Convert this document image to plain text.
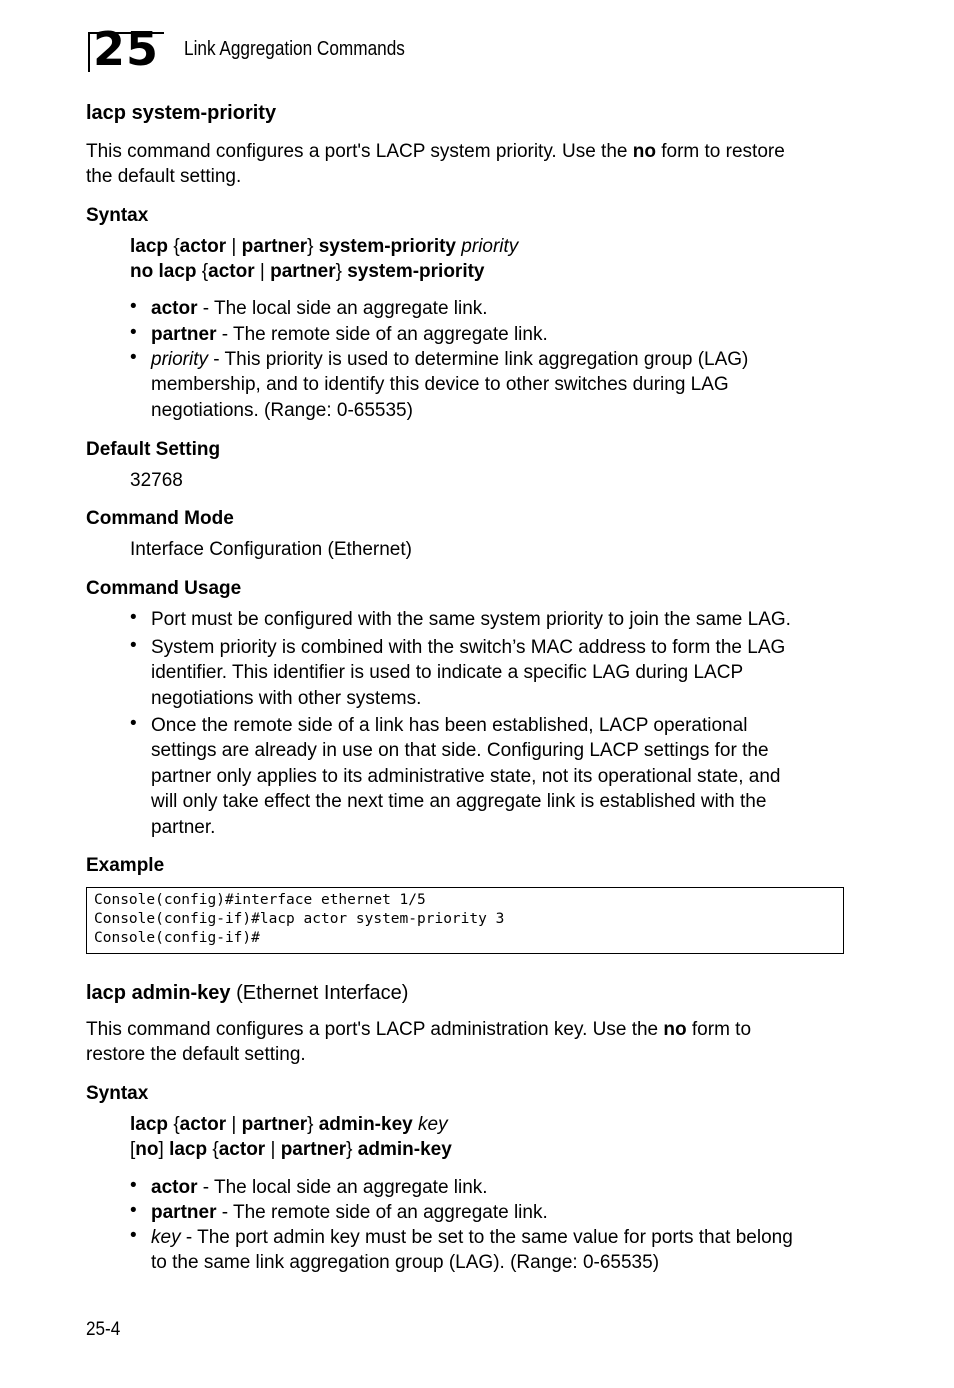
25 Link Aggregation Commands
lacp system-priority
This command configures a port's LACP system priority. Use the no form to restore
the default setting.
Syntax
lacp {actor | partner} system-priority priority
no lacp {actor | partner} system-priority
• actor - The local side an aggregate link.
• partner - The remote side of an aggregate link.
• priority - This priority is used to determine link aggregation group (LAG)
membership, and to identify this device to other switches during LAG
negotiations. (Range: 0-65535)
Default Setting
32768
Command Mode
Interface Configuration (Ethernet)
Command Usage
• Port must be configured with the same system priority to join the same LAG.
• System priority is combined with the switch’s MAC address to form the LAG
identifier. This identifier is used to indicate a specific LAG during LACP
negotiations with other systems.
• Once the remote side of a link has been established, LACP operational
settings are already in use on that side. Configuring LACP settings for the
partner only applies to its administrative state, not its operational state, and
will only take effect the next time an aggregate link is established with the
partner.
Example
Console(config)#interface ethernet 1/5
Console(config-if)#lacp actor system-priority 3
Console(config-if)#
lacp admin-key (Ethernet Interface)
This command configures a port's LACP administration key. Use the no form to
restore the default setting.
Syntax
lacp {actor | partner} admin-key key
[no] lacp {actor | partner} admin-key
• actor - The local side an aggregate link.
• partner - The remote side of an aggregate link.
• key - The port admin key must be set to the same value for ports that belong
to the same link aggregation group (LAG). (Range: 0-65535)
25-4
